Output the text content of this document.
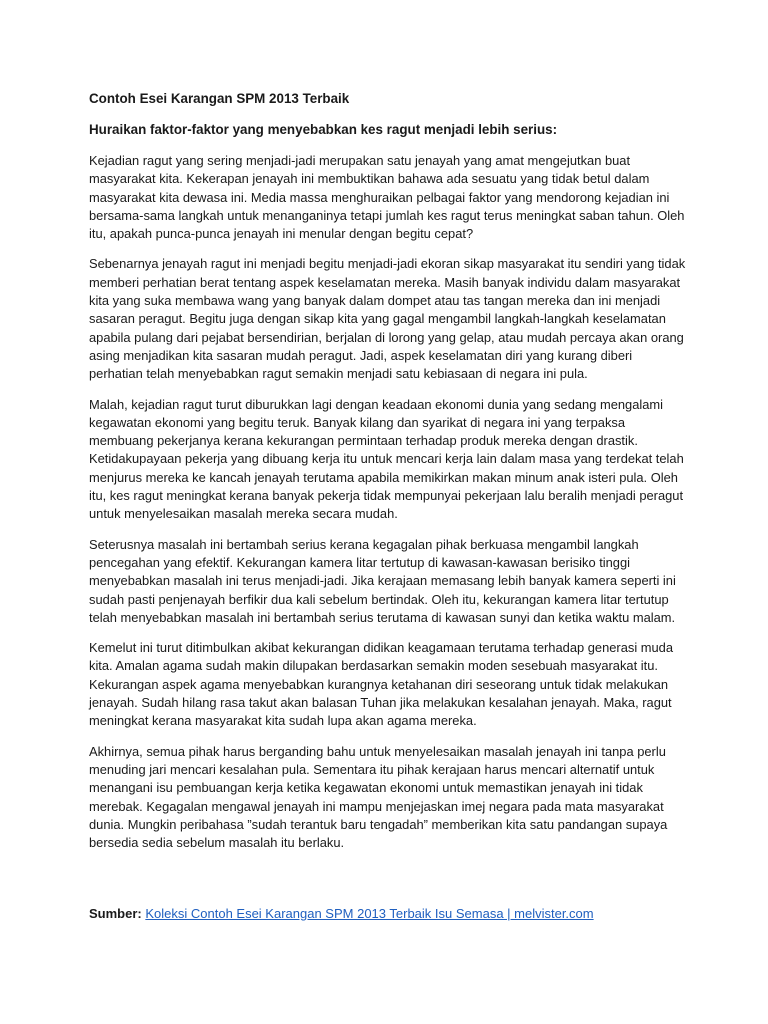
Contoh Esei Karangan SPM 2013 Terbaik
Huraikan faktor-faktor yang menyebabkan kes ragut menjadi lebih serius:

Kejadian ragut yang sering menjadi-jadi merupakan satu jenayah yang amat mengejutkan buat masyarakat kita. Kekerapan jenayah ini membuktikan bahawa ada sesuatu yang tidak betul dalam masyarakat kita dewasa ini. Media massa menghuraikan pelbagai faktor yang mendorong kejadian ini bersama-sama langkah untuk menanganinya tetapi jumlah kes ragut terus meningkat saban tahun. Oleh itu, apakah punca-punca jenayah ini menular dengan begitu cepat?

Sebenarnya jenayah ragut ini menjadi begitu menjadi-jadi ekoran sikap masyarakat itu sendiri yang tidak memberi perhatian berat tentang aspek keselamatan mereka. Masih banyak individu dalam masyarakat kita yang suka membawa wang yang banyak dalam dompet atau tas tangan mereka dan ini menjadi sasaran peragut. Begitu juga dengan sikap kita yang gagal mengambil langkah-langkah keselamatan apabila pulang dari pejabat bersendirian, berjalan di lorong yang gelap, atau mudah percaya akan orang asing menjadikan kita sasaran mudah peragut. Jadi, aspek keselamatan diri yang kurang diberi perhatian telah menyebabkan ragut semakin menjadi satu kebiasaan di negara ini pula.

Malah, kejadian ragut turut diburukkan lagi dengan keadaan ekonomi dunia yang sedang mengalami kegawatan ekonomi yang begitu teruk. Banyak kilang dan syarikat di negara ini yang terpaksa membuang pekerjanya kerana kekurangan permintaan terhadap produk mereka dengan drastik. Ketidakupayaan pekerja yang dibuang kerja itu untuk mencari kerja lain dalam masa yang terdekat telah menjurus mereka ke kancah jenayah terutama apabila memikirkan makan minum anak isteri pula. Oleh itu, kes ragut meningkat kerana banyak pekerja tidak mempunyai pekerjaan lalu beralih menjadi peragut untuk menyelesaikan masalah mereka secara mudah.

Seterusnya masalah ini bertambah serius kerana kegagalan pihak berkuasa mengambil langkah pencegahan yang efektif. Kekurangan kamera litar tertutup di kawasan-kawasan berisiko tinggi menyebabkan masalah ini terus menjadi-jadi. Jika kerajaan memasang lebih banyak kamera seperti ini sudah pasti penjenayah berfikir dua kali sebelum bertindak. Oleh itu, kekurangan kamera litar tertutup telah menyebabkan masalah ini bertambah serius terutama di kawasan sunyi dan ketika waktu malam.

Kemelut ini turut ditimbulkan akibat kekurangan didikan keagamaan terutama terhadap generasi muda kita. Amalan agama sudah makin dilupakan berdasarkan semakin moden sesebuah masyarakat itu. Kekurangan aspek agama menyebabkan kurangnya ketahanan diri seseorang untuk tidak melakukan jenayah. Sudah hilang rasa takut akan balasan Tuhan jika melakukan kesalahan jenayah. Maka, ragut meningkat kerana masyarakat kita sudah lupa akan agama mereka.

Akhirnya, semua pihak harus berganding bahu untuk menyelesaikan masalah jenayah ini tanpa perlu menuding jari mencari kesalahan pula. Sementara itu pihak kerajaan harus mencari alternatif untuk menangani isu pembuangan kerja ketika kegawatan ekonomi untuk memastikan jenayah ini tidak merebak. Kegagalan mengawal jenayah ini mampu menjejaskan imej negara pada mata masyarakat dunia. Mungkin peribahasa ”sudah terantuk baru tengadah” memberikan kita satu pandangan supaya bersedia sedia sebelum masalah itu berlaku.

Sumber: Koleksi Contoh Esei Karangan SPM 2013 Terbaik Isu Semasa | melvister.com
